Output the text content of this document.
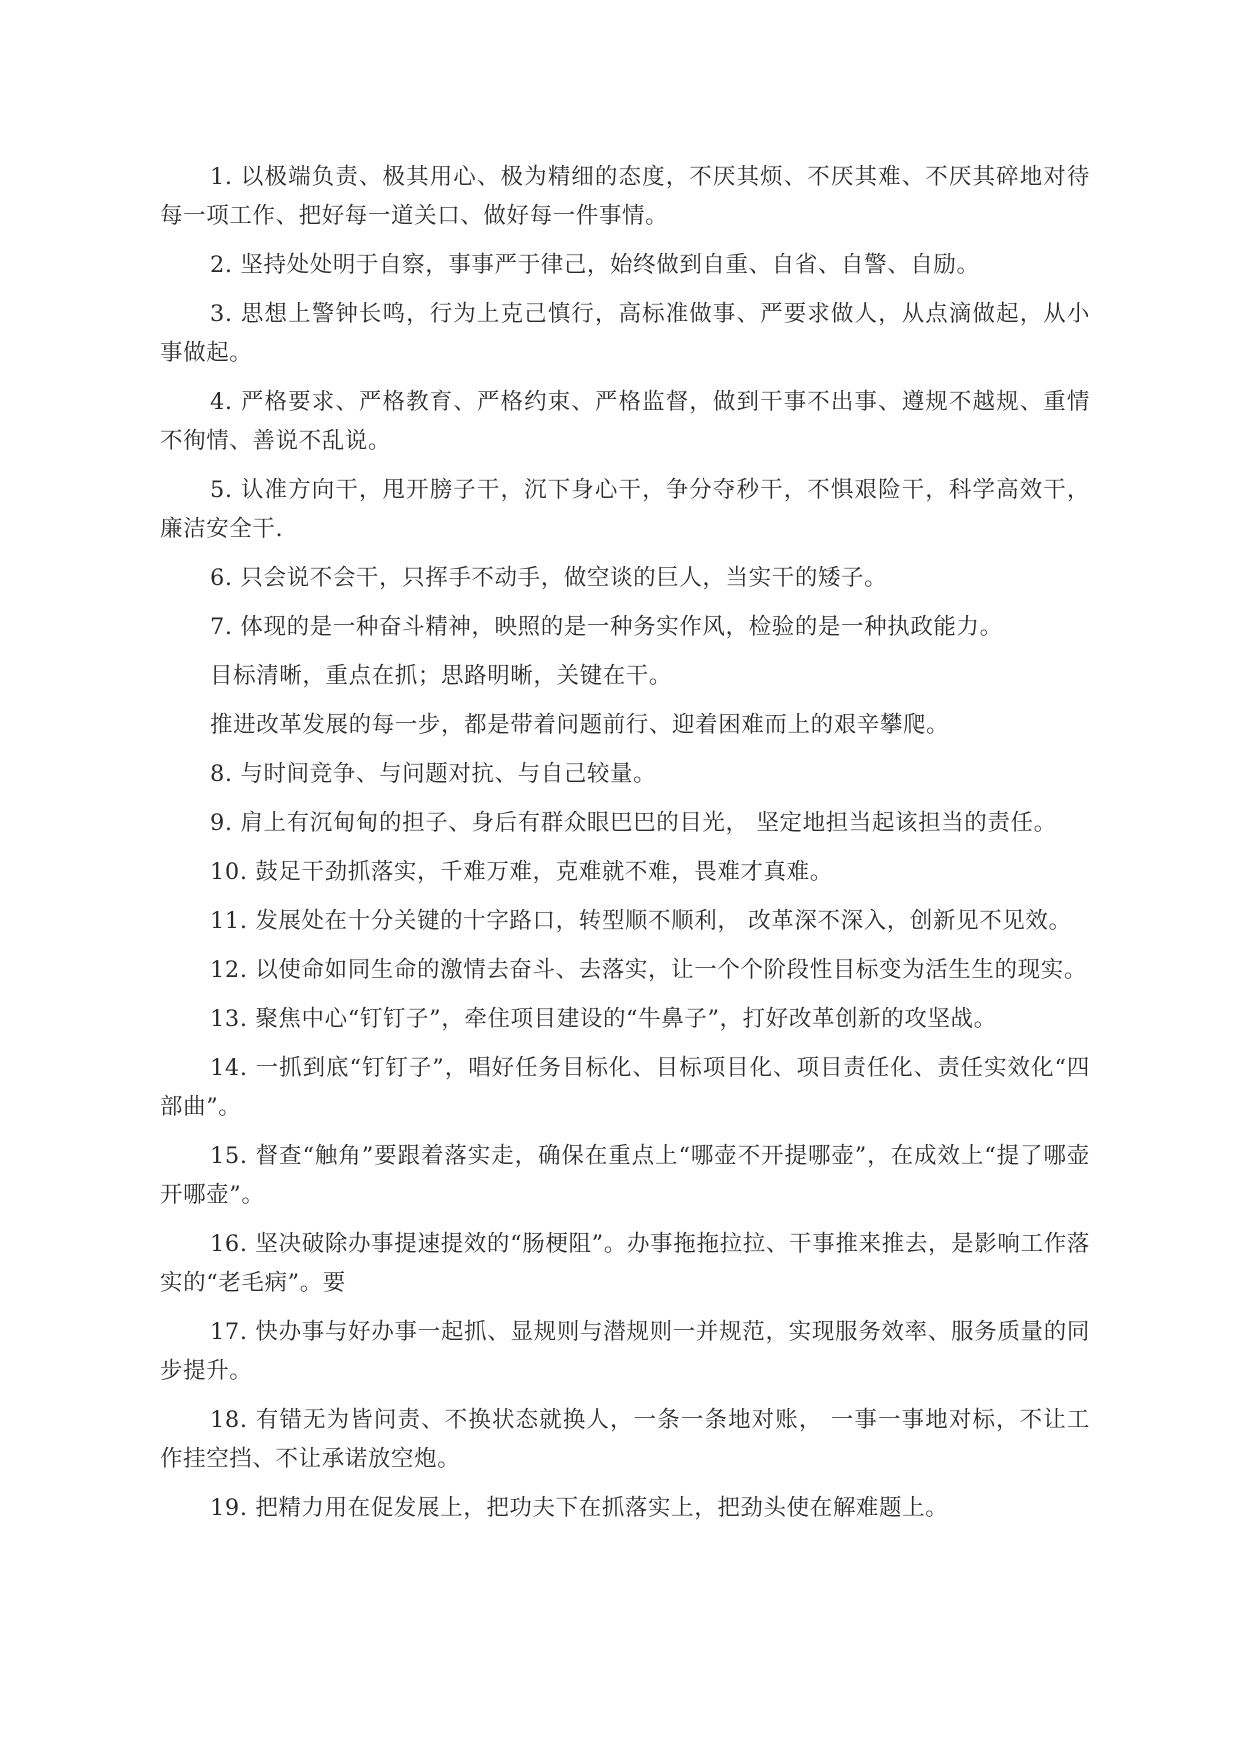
1. 以极端负责、极其用心、极为精细的态度，不厌其烦、不厌其难、不厌其碎地对待每一项工作、把好每一道关口、做好每一件事情。

2. 坚持处处明于自察，事事严于律己，始终做到自重、自省、自警、自励。

3. 思想上警钟长鸣，行为上克己慎行，高标准做事、严要求做人，从点滴做起，从小事做起。

4. 严格要求、严格教育、严格约束、严格监督，做到干事不出事、遵规不越规、重情不徇情、善说不乱说。

5. 认准方向干，甩开膀子干，沉下身心干，争分夺秒干，不惧艰险干，科学高效干，廉洁安全干.

6. 只会说不会干，只挥手不动手，做空谈的巨人，当实干的矮子。

7. 体现的是一种奋斗精神，映照的是一种务实作风，检验的是一种执政能力。

目标清晰，重点在抓；思路明晰，关键在干。

推进改革发展的每一步，都是带着问题前行、迎着困难而上的艰辛攀爬。

8. 与时间竞争、与问题对抗、与自己较量。

9. 肩上有沉甸甸的担子、身后有群众眼巴巴的目光， 坚定地担当起该担当的责任。

10. 鼓足干劲抓落实，千难万难，克难就不难，畏难才真难。

11. 发展处在十分关键的十字路口，转型顺不顺利， 改革深不深入，创新见不见效。

12. 以使命如同生命的激情去奋斗、去落实，让一个个阶段性目标变为活生生的现实。

13. 聚焦中心“钉钉子”，牵住项目建设的“牛鼻子”，打好改革创新的攻坚战。

14. 一抓到底“钉钉子”，唱好任务目标化、目标项目化、项目责任化、责任实效化“四部曲”。

15. 督查“触角”要跟着落实走，确保在重点上“哪壶不开提哪壶”，在成效上“提了哪壶开哪壶”。

16. 坚决破除办事提速提效的“肠梗阻”。办事拖拖拉拉、干事推来推去，是影响工作落实的“老毛病”。要

17. 快办事与好办事一起抓、显规则与潜规则一并规范，实现服务效率、服务质量的同步提升。

18. 有错无为皆问责、不换状态就换人，一条一条地对账， 一事一事地对标，不让工作挂空挡、不让承诺放空炮。

19. 把精力用在促发展上，把功夫下在抓落实上，把劲头使在解难题上。
